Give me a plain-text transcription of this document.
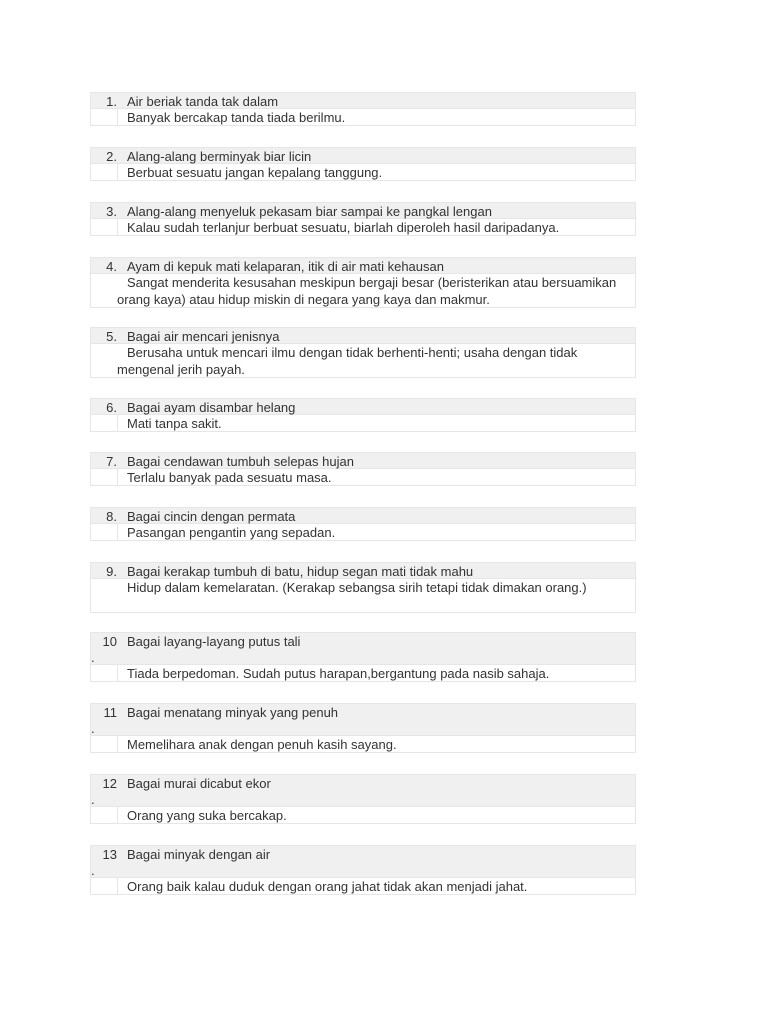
1. Air beriak tanda tak dalam
Banyak bercakap tanda tiada berilmu.
2. Alang-alang berminyak biar licin
Berbuat sesuatu jangan kepalang tanggung.
3. Alang-alang menyeluk pekasam biar sampai ke pangkal lengan
Kalau sudah terlanjur berbuat sesuatu, biarlah diperoleh hasil daripadanya.
4. Ayam di kepuk mati kelaparan, itik di air mati kehausan
Sangat menderita kesusahan meskipun bergaji besar (beristerikan atau bersuamikan orang kaya) atau hidup miskin di negara yang kaya dan makmur.
5. Bagai air mencari jenisnya
Berusaha untuk mencari ilmu dengan tidak berhenti-henti; usaha dengan tidak mengenal jerih payah.
6. Bagai ayam disambar helang
Mati tanpa sakit.
7. Bagai cendawan tumbuh selepas hujan
Terlalu banyak pada sesuatu masa.
8. Bagai cincin dengan permata
Pasangan pengantin yang sepadan.
9. Bagai kerakap tumbuh di batu, hidup segan mati tidak mahu
Hidup dalam kemelaratan. (Kerakap sebangsa sirih tetapi tidak dimakan orang.)
10 Bagai layang-layang putus tali
.
Tiada berpedoman. Sudah putus harapan,bergantung pada nasib sahaja.
11 Bagai menatang minyak yang penuh
.
Memelihara anak dengan penuh kasih sayang.
12 Bagai murai dicabut ekor
.
Orang yang suka bercakap.
13 Bagai minyak dengan air
.
Orang baik kalau duduk dengan orang jahat tidak akan menjadi jahat.
